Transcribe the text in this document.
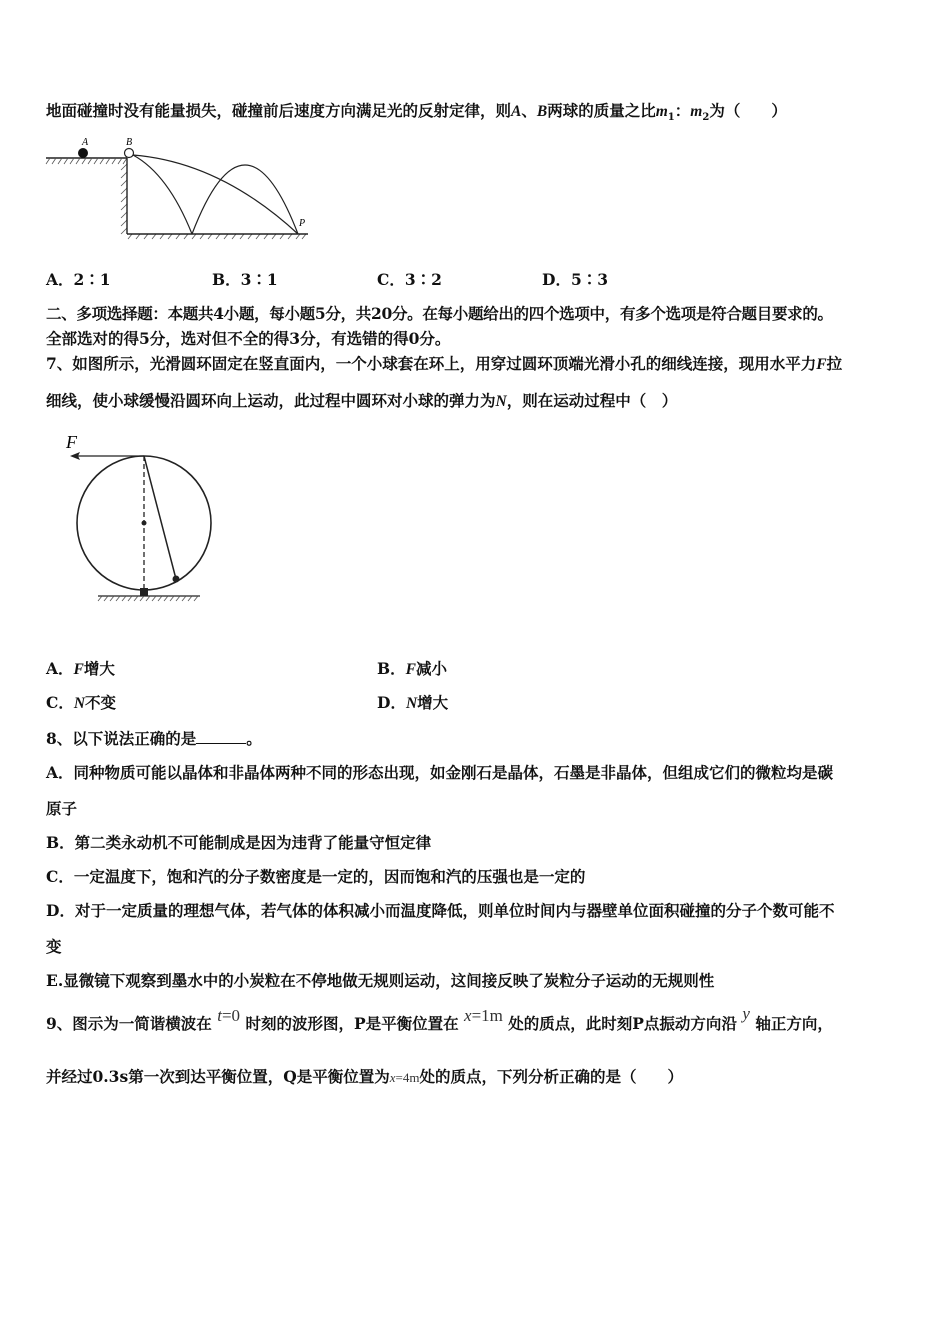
地面碰撞时没有能量损失，碰撞前后速度方向满足光的反射定律，则A、B两球的质量之比$m_1$：$m_2$为（　　）
A	B
P
A．2∶1	B．3∶1	C．3∶2	D．5∶3
二、多项选择题：本题共4小题，每小题5分，共20分。在每小题给出的四个选项中，有多个选项是符合题目要求的。
全部选对的得5分，选对但不全的得3分，有选错的得0分。
7、如图所示，光滑圆环固定在竖直面内，一个小球套在环上，用穿过圆环顶端光滑小孔的细线连接，现用水平力F拉
细线，使小球缓慢沿圆环向上运动，此过程中圆环对小球的弹力为N，则在运动过程中（　）
F
A．F增大	B．F减小
C．N不变	D．N增大
8、以下说法正确的是	。
A．同种物质可能以晶体和非晶体两种不同的形态出现，如金刚石是晶体，石墨是非晶体，但组成它们的微粒均是碳
原子
B．第二类永动机不可能制成是因为违背了能量守恒定律
C．一定温度下，饱和汽的分子数密度是一定的，因而饱和汽的压强也是一定的
D．对于一定质量的理想气体，若气体的体积减小而温度降低，则单位时间内与器壁单位面积碰撞的分子个数可能不
变
E.显微镜下观察到墨水中的小炭粒在不停地做无规则运动，这间接反映了炭粒分子运动的无规则性
9、图示为一简谐横波在 t=0 时刻的波形图，P是平衡位置在 x=1m 处的质点，此时刻P点振动方向沿 y 轴正方向，
并经过0.3s第一次到达平衡位置，Q是平衡位置为x=4m处的质点，下列分析正确的是（　　）
